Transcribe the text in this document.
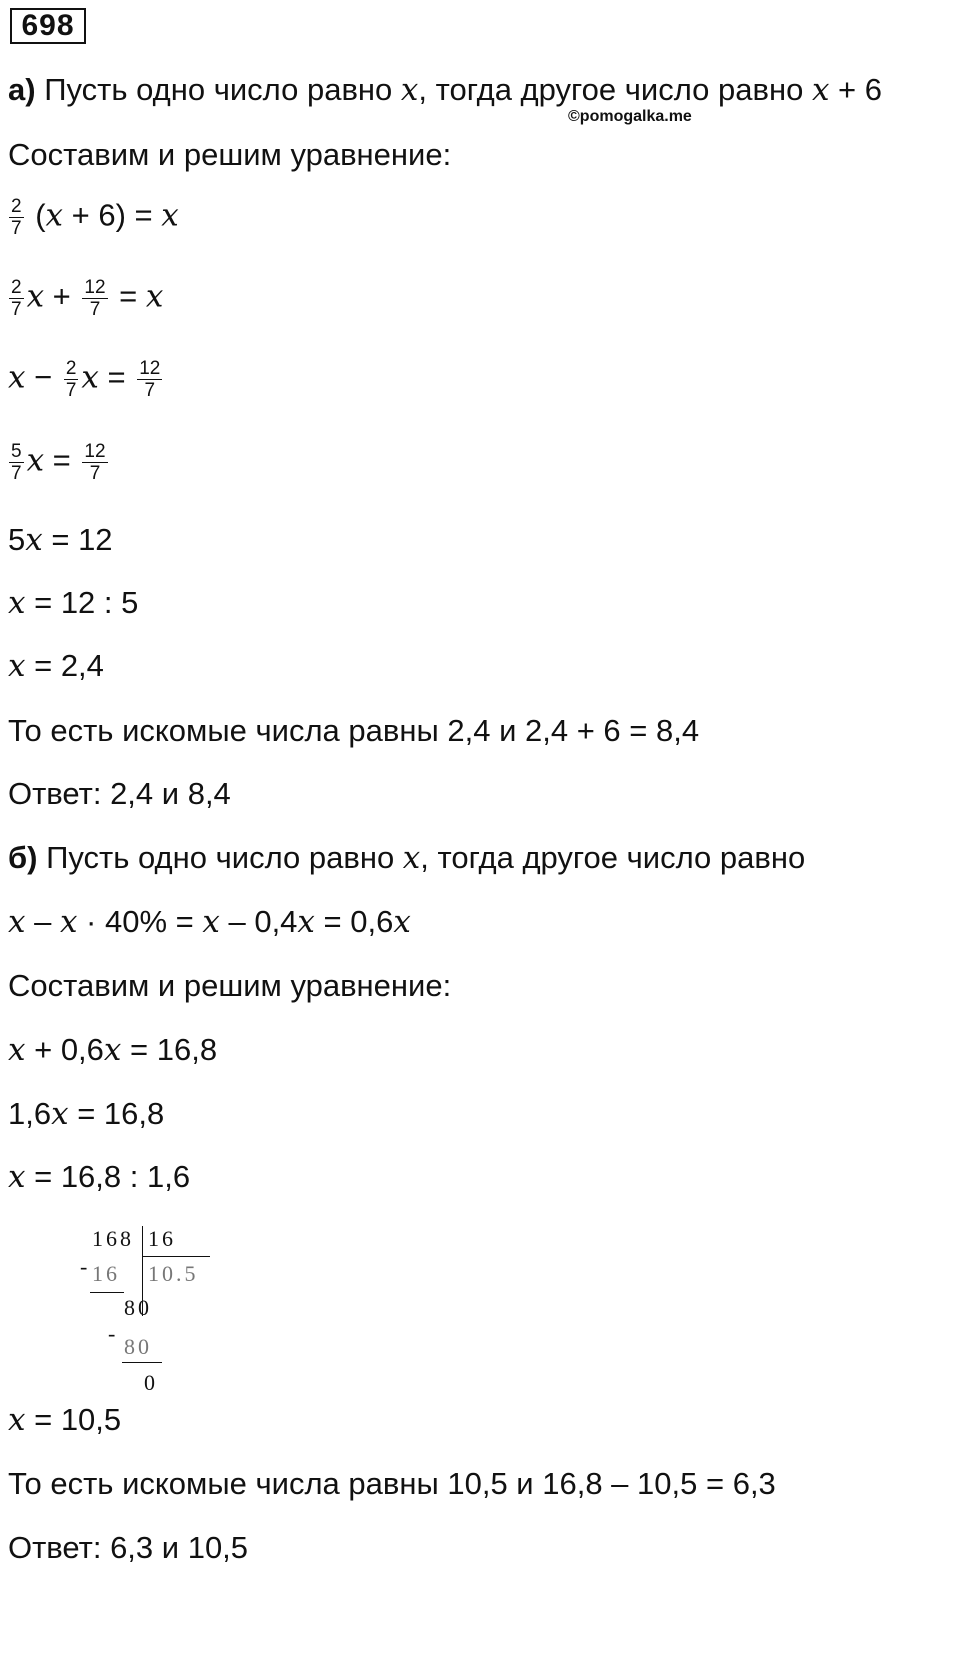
698
©pomogalka.me
а) Пусть одно число равно x, тогда другое число равно x + 6
Составим и решим уравнение:
$\frac{2}{7} (x + 6) = x$
$\frac{2}{7}$ $x + \frac{12}{7} = x$
$x - \frac{2}{7}$ $x = \frac{12}{7}$
$\frac{5}{7}$ $x = \frac{12}{7}$
5x = 12
x = 12 : 5
x = 2,4
То есть искомые числа равны 2,4 и 2,4 + 6 = 8,4
Ответ: 2,4 и 8,4
б) Пусть одно число равно x, тогда другое число равно
x – x · 40% = x – 0,4x = 0,6x
Составим и решим уравнение:
x + 0,6x = 16,8
1,6x = 16,8
x = 16,8 : 1,6
-
168 16
16 10.5
80
-
80
0
x = 10,5
То есть искомые числа равны 10,5 и 16,8 – 10,5 = 6,3
Ответ: 6,3 и 10,5
